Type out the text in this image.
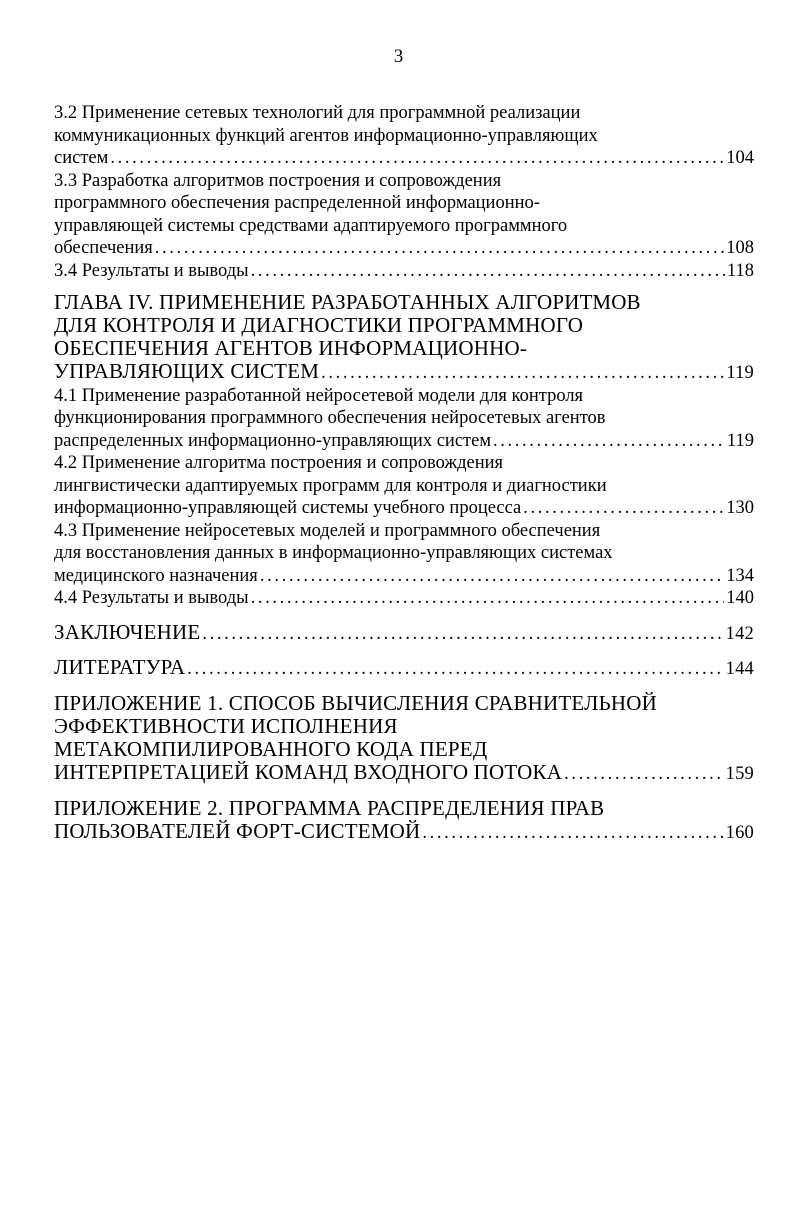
3
3.2 Применение сетевых технологий для программной реализации
коммуникационных функций агентов информационно-управляющих
систем . . .	104
3.3 Разработка алгоритмов построения и сопровождения
программного обеспечения распределенной информационно-
управляющей системы средствами адаптируемого программного
обеспечения . . .	108
3.4 Результаты и выводы . . .	118
ГЛАВА IV. ПРИМЕНЕНИЕ РАЗРАБОТАННЫХ АЛГОРИТМОВ
ДЛЯ КОНТРОЛЯ И ДИАГНОСТИКИ ПРОГРАММНОГО
ОБЕСПЕЧЕНИЯ АГЕНТОВ ИНФОРМАЦИОННО-
УПРАВЛЯЮЩИХ СИСТЕМ . . .	119
4.1 Применение разработанной нейросетевой модели для контроля
функционирования программного обеспечения нейросетевых агентов
распределенных информационно-управляющих систем . . .	119
4.2 Применение алгоритма построения и сопровождения
лингвистически адаптируемых программ для контроля и диагностики
информационно-управляющей системы учебного процесса . . .	130
4.3 Применение нейросетевых моделей и программного обеспечения
для восстановления данных в информационно-управляющих системах
медицинского назначения . . .	134
4.4 Результаты и выводы . . .	140
ЗАКЛЮЧЕНИЕ . . .	142
ЛИТЕРАТУРА . . .	144
ПРИЛОЖЕНИЕ 1. СПОСОБ ВЫЧИСЛЕНИЯ СРАВНИТЕЛЬНОЙ
ЭФФЕКТИВНОСТИ ИСПОЛНЕНИЯ
МЕТАКОМПИЛИРОВАННОГО КОДА ПЕРЕД
ИНТЕРПРЕТАЦИЕЙ КОМАНД ВХОДНОГО ПОТОКА . . .	159
ПРИЛОЖЕНИЕ 2. ПРОГРАММА РАСПРЕДЕЛЕНИЯ ПРАВ
ПОЛЬЗОВАТЕЛЕЙ ФОРТ-СИСТЕМОЙ . . .	160
